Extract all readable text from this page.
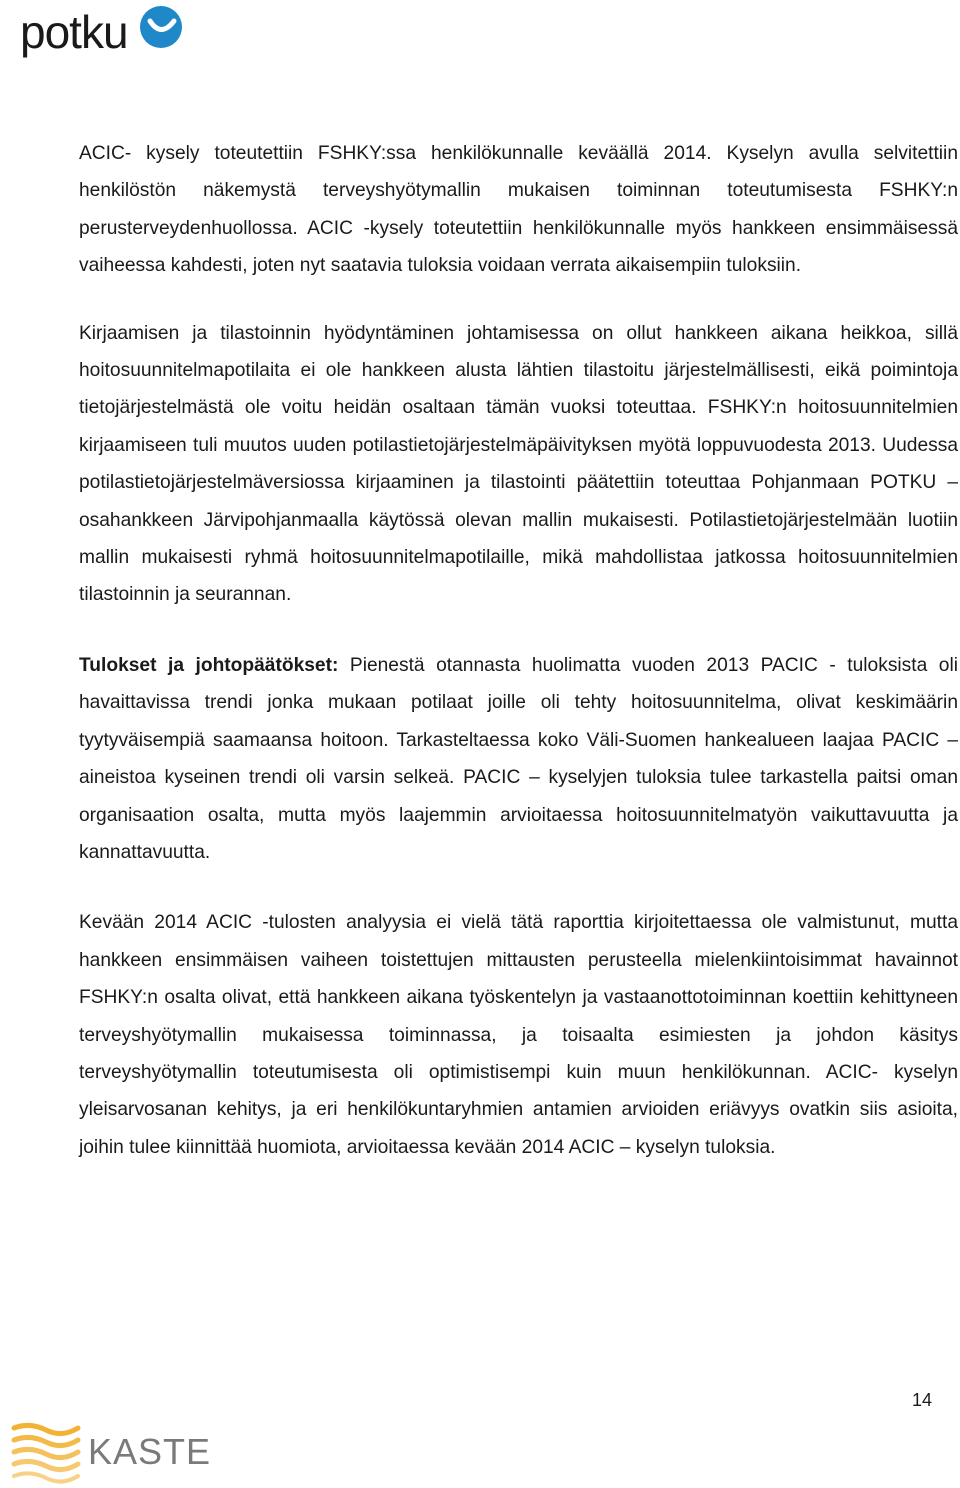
potku

ACIC- kysely toteutettiin FSHKY:ssa henkilökunnalle keväällä 2014. Kyselyn avulla selvitettiin henkilöstön näkemystä terveyshyötymallin mukaisen toiminnan toteutumisesta FSHKY:n perusterveydenhuollossa. ACIC -kysely toteutettiin henkilökunnalle myös hankkeen ensimmäisessä vaiheessa kahdesti, joten nyt saatavia tuloksia voidaan verrata aikaisempiin tuloksiin.

Kirjaamisen ja tilastoinnin hyödyntäminen johtamisessa on ollut hankkeen aikana heikkoa, sillä hoitosuunnitelmapotilaita ei ole hankkeen alusta lähtien tilastoitu järjestelmällisesti, eikä poimintoja tietojärjestelmästä ole voitu heidän osaltaan tämän vuoksi toteuttaa. FSHKY:n hoitosuunnitelmien kirjaamiseen tuli muutos uuden potilastietojärjestelmäpäivityksen myötä loppuvuodesta 2013. Uudessa potilastietojärjestelmäversiossa kirjaaminen ja tilastointi päätettiin toteuttaa Pohjanmaan POTKU –osahankkeen Järvipohjanmaalla käytössä olevan mallin mukaisesti. Potilastietojärjestelmään luotiin mallin mukaisesti ryhmä hoitosuunnitelmapotilaille, mikä mahdollistaa jatkossa hoitosuunnitelmien tilastoinnin ja seurannan.

Tulokset ja johtopäätökset: Pienestä otannasta huolimatta vuoden 2013 PACIC - tuloksista oli havaittavissa trendi jonka mukaan potilaat joille oli tehty hoitosuunnitelma, olivat keskimäärin tyytyväisempiä saamaansa hoitoon. Tarkasteltaessa koko Väli-Suomen hankealueen laajaa PACIC – aineistoa kyseinen trendi oli varsin selkeä. PACIC – kyselyjen tuloksia tulee tarkastella paitsi oman organisaation osalta, mutta myös laajemmin arvioitaessa hoitosuunnitelmatyön vaikuttavuutta ja kannattavuutta.

Kevään 2014 ACIC -tulosten analyysia ei vielä tätä raporttia kirjoitettaessa ole valmistunut, mutta hankkeen ensimmäisen vaiheen toistettujen mittausten perusteella mielenkiintoisimmat havainnot FSHKY:n osalta olivat, että hankkeen aikana työskentelyn ja vastaanottotoiminnan koettiin kehittyneen terveyshyötymallin mukaisessa toiminnassa, ja toisaalta esimiesten ja johdon käsitys terveyshyötymallin toteutumisesta oli optimistisempi kuin muun henkilökunnan. ACIC- kyselyn yleisarvosanan kehitys, ja eri henkilökuntaryhmien antamien arvioiden eriävyys ovatkin siis asioita, joihin tulee kiinnittää huomiota, arvioitaessa kevään 2014 ACIC – kyselyn tuloksia.

14
KASTE
